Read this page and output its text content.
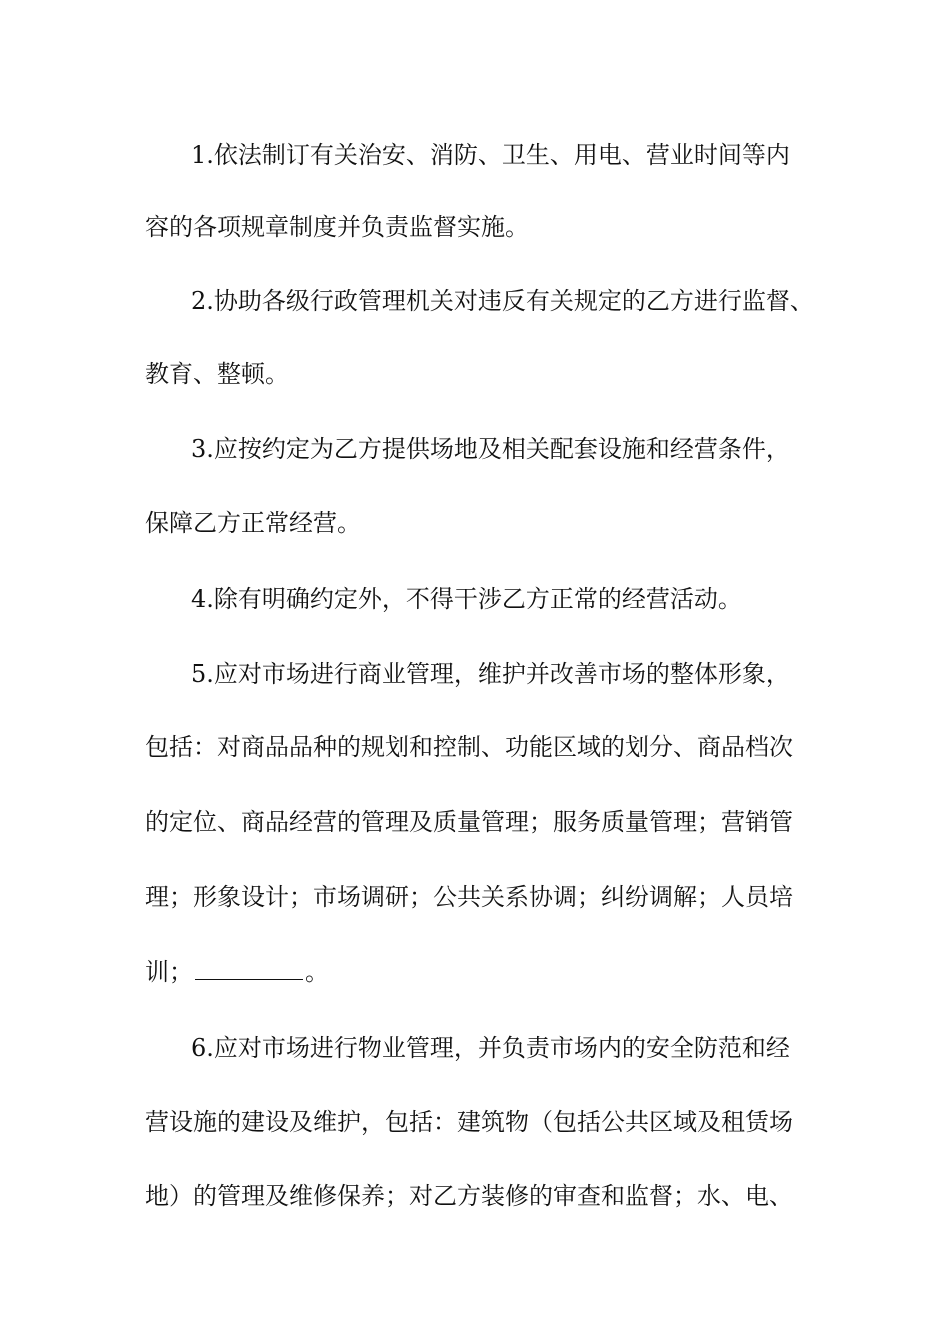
1.依法制订有关治安、消防、卫生、用电、营业时间等内
容的各项规章制度并负责监督实施。
2.协助各级行政管理机关对违反有关规定的乙方进行监督、
教育、整顿。
3.应按约定为乙方提供场地及相关配套设施和经营条件，
保障乙方正常经营。
4.除有明确约定外，不得干涉乙方正常的经营活动。
5.应对市场进行商业管理，维护并改善市场的整体形象，
包括：对商品品种的规划和控制、功能区域的划分、商品档次
的定位、商品经营的管理及质量管理；服务质量管理；营销管
理；形象设计；市场调研；公共关系协调；纠纷调解；人员培
训；	。
6.应对市场进行物业管理，并负责市场内的安全防范和经
营设施的建设及维护，包括：建筑物（包括公共区域及租赁场
地）的管理及维修保养；对乙方装修的审查和监督；水、电、
